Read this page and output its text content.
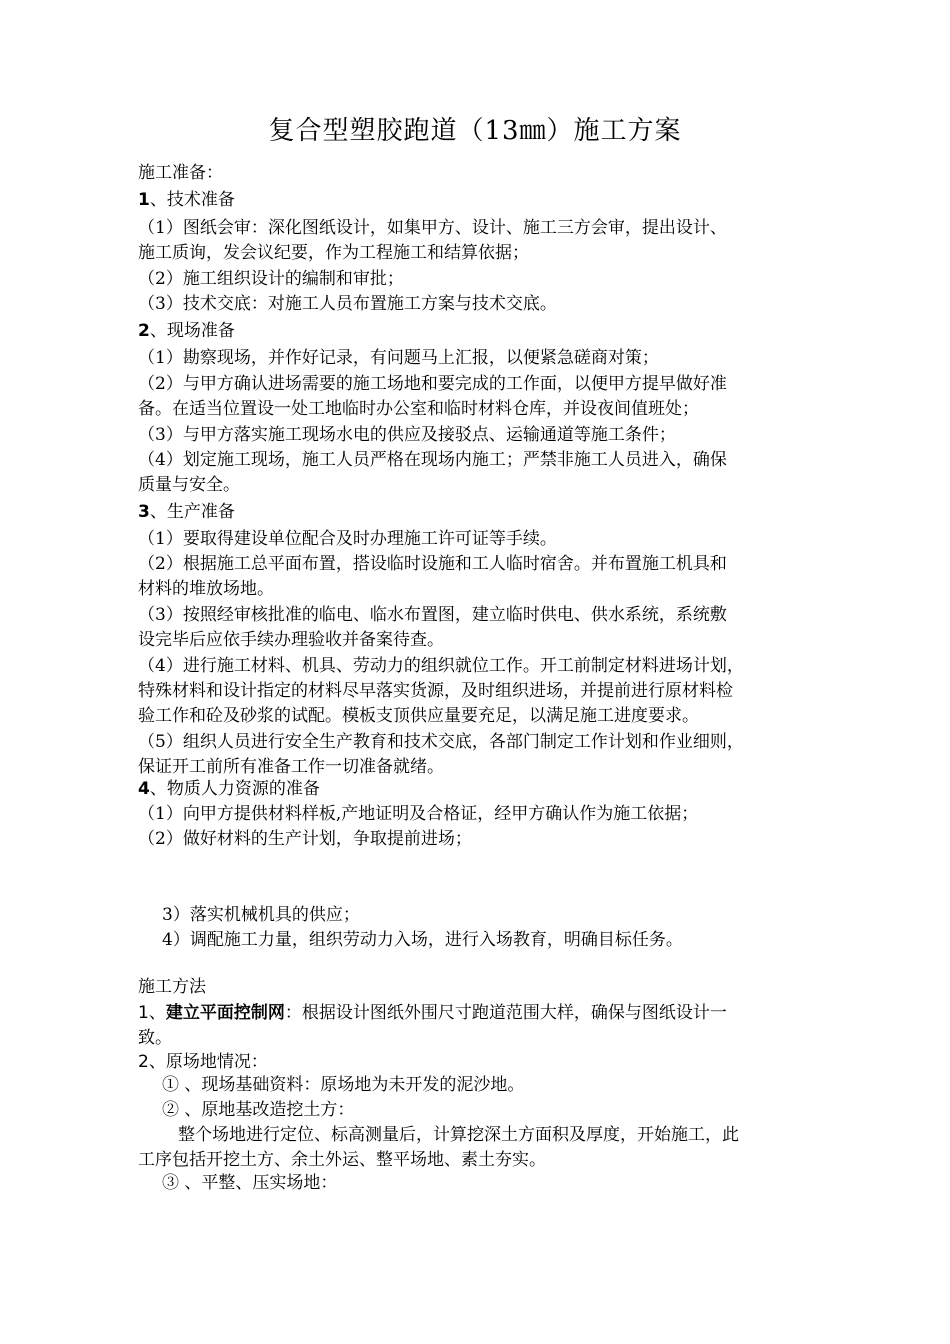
复合型塑胶跑道（13㎜）施工方案
施工准备：
1、技术准备
（1）图纸会审：深化图纸设计，如集甲方、设计、施工三方会审，提出设计、
施工质询，发会议纪要，作为工程施工和结算依据；
（2）施工组织设计的编制和审批；
（3）技术交底：对施工人员布置施工方案与技术交底。
2、现场准备
（1）勘察现场，并作好记录，有问题马上汇报，以便紧急磋商对策；
（2）与甲方确认进场需要的施工场地和要完成的工作面，以便甲方提早做好准
备。在适当位置设一处工地临时办公室和临时材料仓库，并设夜间值班处；
（3）与甲方落实施工现场水电的供应及接驳点、运输通道等施工条件；
（4）划定施工现场，施工人员严格在现场内施工；严禁非施工人员进入，确保
质量与安全。
3、生产准备
（1）要取得建设单位配合及时办理施工许可证等手续。
（2）根据施工总平面布置，搭设临时设施和工人临时宿舍。并布置施工机具和
材料的堆放场地。
（3）按照经审核批准的临电、临水布置图，建立临时供电、供水系统，系统敷
设完毕后应依手续办理验收并备案待查。
（4）进行施工材料、机具、劳动力的组织就位工作。开工前制定材料进场计划，
特殊材料和设计指定的材料尽早落实货源，及时组织进场，并提前进行原材料检
验工作和砼及砂浆的试配。模板支顶供应量要充足，以满足施工进度要求。
（5）组织人员进行安全生产教育和技术交底，各部门制定工作计划和作业细则，
保证开工前所有准备工作一切准备就绪。
4、物质人力资源的准备
（1）向甲方提供材料样板,产地证明及合格证，经甲方确认作为施工依据；
（2）做好材料的生产计划，争取提前进场；
3）落实机械机具的供应；
4）调配施工力量，组织劳动力入场，进行入场教育，明确目标任务。
施工方法
1、建立平面控制网：根据设计图纸外围尺寸跑道范围大样，确保与图纸设计一
致。
2、原场地情况：
① 、现场基础资料：原场地为未开发的泥沙地。
② 、原地基改造挖土方：
整个场地进行定位、标高测量后，计算挖深土方面积及厚度，开始施工，此
工序包括开挖土方、余土外运、整平场地、素土夯实。
③ 、平整、压实场地：
